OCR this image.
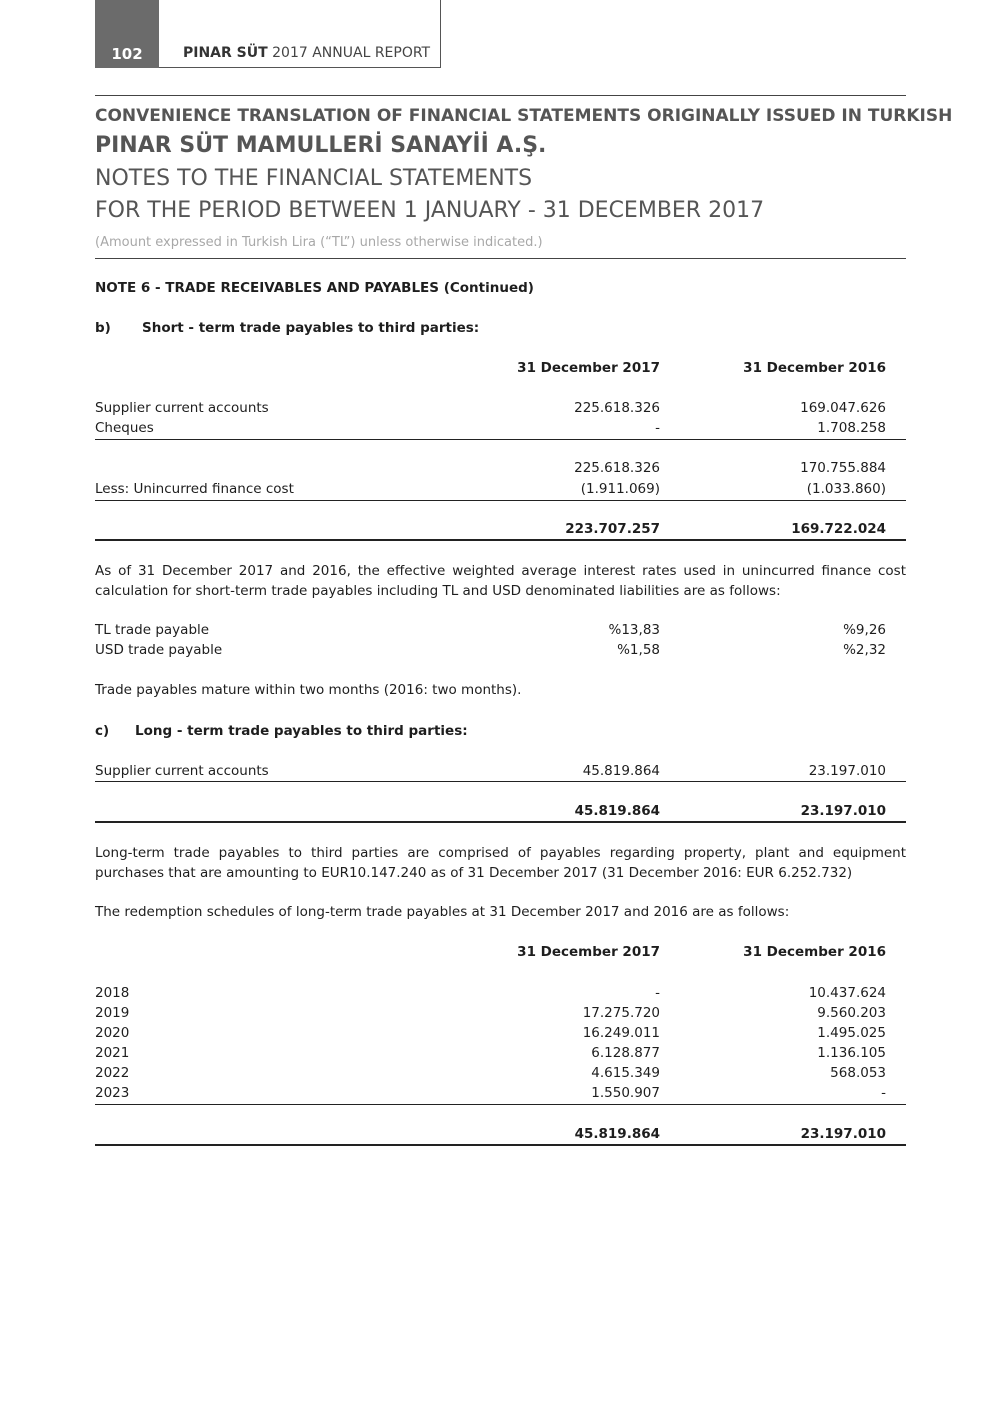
102	PINAR SÜT 2017 ANNUAL REPORT
CONVENIENCE TRANSLATION OF FINANCIAL STATEMENTS ORIGINALLY ISSUED IN TURKISH
PINAR SÜT MAMULLERİ SANAYİİ A.Ş.
NOTES TO THE FINANCIAL STATEMENTS
FOR THE PERIOD BETWEEN 1 JANUARY - 31 DECEMBER 2017
(Amount expressed in Turkish Lira (“TL”) unless otherwise indicated.)
NOTE 6 - TRADE RECEIVABLES AND PAYABLES (Continued)
b) Short - term trade payables to third parties:
31 December 2017	31 December 2016
Supplier current accounts	225.618.326	169.047.626
Cheques	-	1.708.258
225.618.326	170.755.884
Less: Unincurred finance cost	(1.911.069)	(1.033.860)
223.707.257	169.722.024
As of 31 December 2017 and 2016, the effective weighted average interest rates used in unincurred finance cost calculation for short-term trade payables including TL and USD denominated liabilities are as follows:
TL trade payable	%13,83	%9,26
USD trade payable	%1,58	%2,32
Trade payables mature within two months (2016: two months).
c) Long - term trade payables to third parties:
Supplier current accounts	45.819.864	23.197.010
45.819.864	23.197.010
Long-term trade payables to third parties are comprised of payables regarding property, plant and equipment purchases that are amounting to EUR10.147.240 as of 31 December 2017 (31 December 2016: EUR 6.252.732)
The redemption schedules of long-term trade payables at 31 December 2017 and 2016 are as follows:
31 December 2017	31 December 2016
2018	-	10.437.624
2019	17.275.720	9.560.203
2020	16.249.011	1.495.025
2021	6.128.877	1.136.105
2022	4.615.349	568.053
2023	1.550.907	-
45.819.864	23.197.010
